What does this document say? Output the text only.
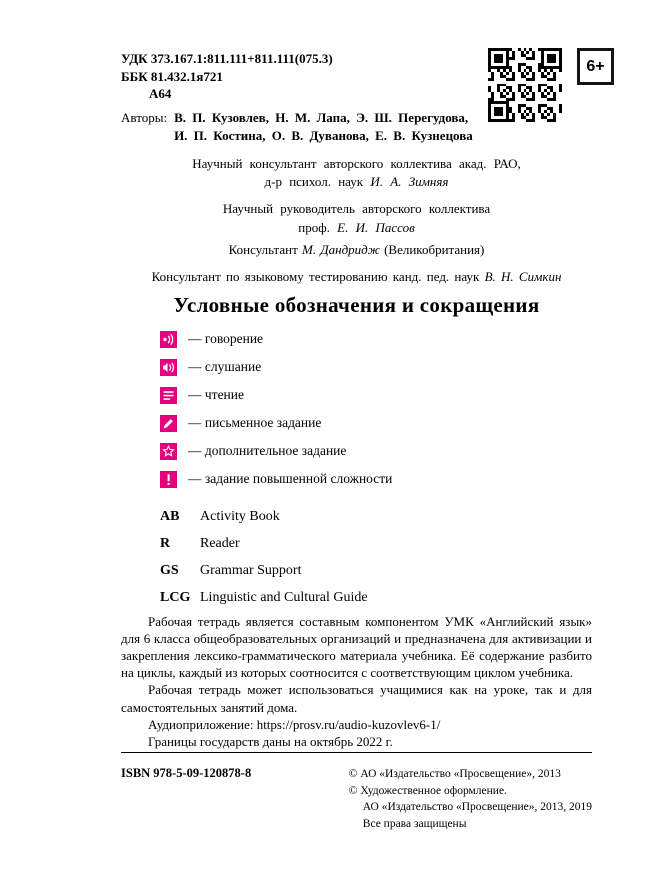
УДК 373.167.1:811.111+811.111(075.3)
ББК 81.432.1я721
А64
6+
Авторы: В. П. Кузовлев, Н. М. Лапа, Э. Ш. Перегудова,
И. П. Костина, О. В. Дуванова, Е. В. Кузнецова
Научный консультант авторского коллектива акад. РАО,
д-р психол. наук И. А. Зимняя
Научный руководитель авторского коллектива
проф. Е. И. Пассов
Консультант М. Дандридж (Великобритания)
Консультант по языковому тестированию канд. пед. наук В. Н. Симкин
Условные обозначения и сокращения
— говорение
— слушание
— чтение
— письменное задание
— дополнительное задание
— задание повышенной сложности
AB	Activity Book
R	Reader
GS	Grammar Support
LCG Linguistic and Cultural Guide

Рабочая тетрадь является составным компонентом УМК «Английский язык» для 6 класса общеобразовательных организаций и предназначена для активизации и закрепления лексико-грамматического материала учебника. Её содержание разбито на циклы, каждый из которых соотносится с соответствующим циклом учебника.

Рабочая тетрадь может использоваться учащимися как на уроке, так и для самостоятельных занятий дома.

Аудиоприложение: https://prosv.ru/audio-kuzovlev6-1/

Границы государств даны на октябрь 2022 г.

ISBN 978-5-09-120878-8	© АО «Издательство «Просвещение», 2013
© Художественное оформление.
АО «Издательство «Просвещение», 2013, 2019
Все права защищены
